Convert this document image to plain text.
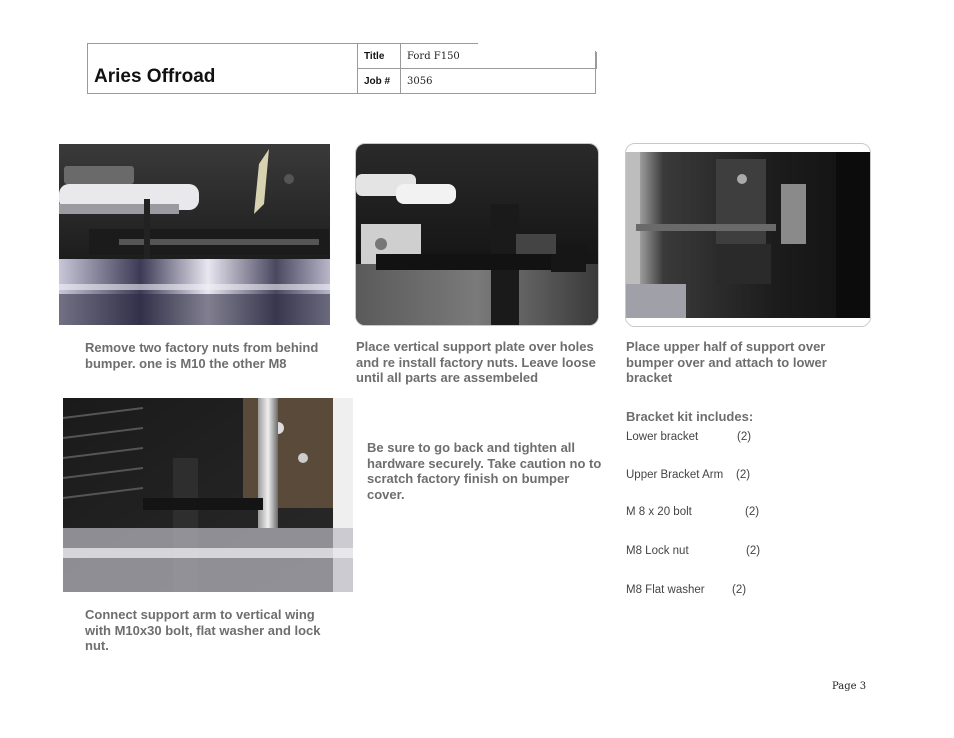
Aries Offroad
Title Ford F150
Job # 3056
Remove two factory nuts from behind bumper. one is M10 the other M8
Place vertical support plate over holes and re install factory nuts. Leave loose until all parts are assembeled
Place upper half of support over bumper over and attach to lower bracket
Connect support arm to vertical wing with M10x30 bolt, flat washer and lock nut.
Be sure to go back and tighten all hardware securely. Take caution no to scratch factory finish on bumper cover.
Bracket kit includes:
Lower bracket	(2)
Upper Bracket Arm (2)
M 8 x 20 bolt	(2)
M8 Lock nut	(2)
M8 Flat washer (2)
Page 3
